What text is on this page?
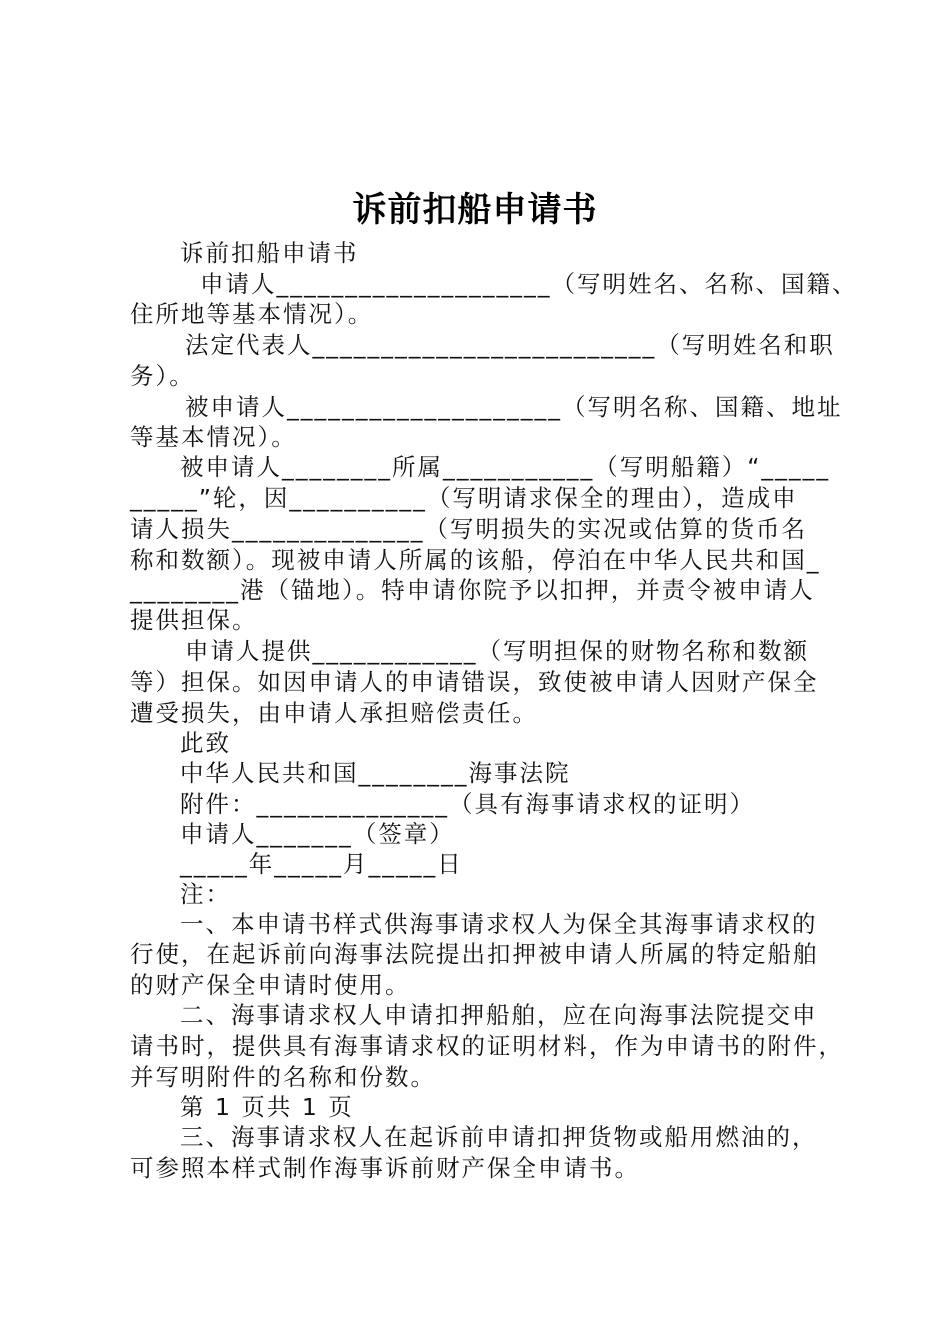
诉前扣船申请书
诉前扣船申请书
申请人____________________（写明姓名、名称、国籍、
住所地等基本情况）。
法定代表人_________________________（写明姓名和职
务）。
被申请人____________________（写明名称、国籍、地址
等基本情况）。
被申请人________所属___________（写明船籍）“_____
_____”轮，因__________（写明请求保全的理由），造成申
请人损失______________（写明损失的实况或估算的货币名
称和数额）。现被申请人所属的该船，停泊在中华人民共和国_
________港（锚地）。特申请你院予以扣押，并责令被申请人
提供担保。
申请人提供____________（写明担保的财物名称和数额
等）担保。如因申请人的申请错误，致使被申请人因财产保全
遭受损失，由申请人承担赔偿责任。
此致
中华人民共和国________海事法院
附件：______________（具有海事请求权的证明）
申请人_______（签章）
_____年_____月_____日
注：
一、本申请书样式供海事请求权人为保全其海事请求权的
行使，在起诉前向海事法院提出扣押被申请人所属的特定船舶
的财产保全申请时使用。
二、海事请求权人申请扣押船舶，应在向海事法院提交申
请书时，提供具有海事请求权的证明材料，作为申请书的附件，
并写明附件的名称和份数。
第 1 页共 1 页
三、海事请求权人在起诉前申请扣押货物或船用燃油的，
可参照本样式制作海事诉前财产保全申请书。
